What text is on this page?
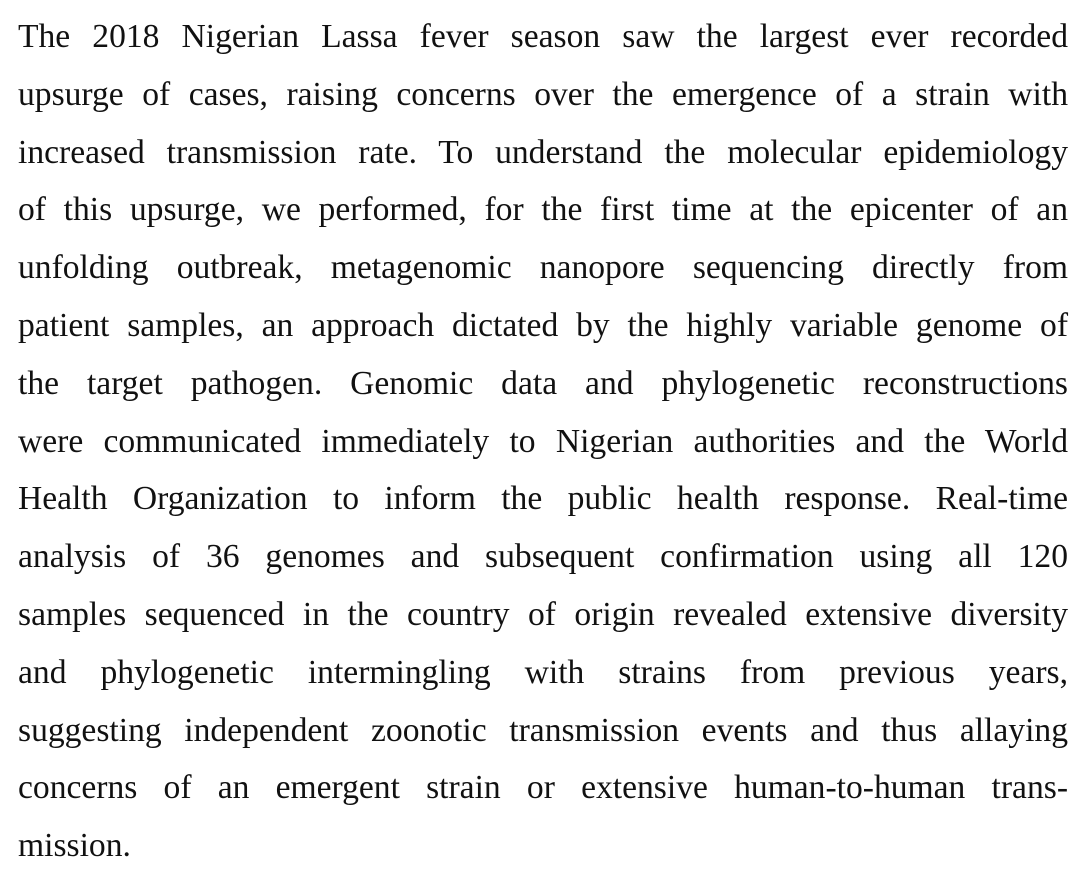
The 2018 Nigerian Lassa fever season saw the largest ever recorded
upsurge of cases, raising concerns over the emergence of a strain with
increased transmission rate. To understand the molecular epidemiology
of this upsurge, we performed, for the first time at the epicenter of an
unfolding outbreak, metagenomic nanopore sequencing directly from
patient samples, an approach dictated by the highly variable genome of
the target pathogen. Genomic data and phylogenetic reconstructions
were communicated immediately to Nigerian authorities and the World
Health Organization to inform the public health response. Real-time
analysis of 36 genomes and subsequent confirmation using all 120
samples sequenced in the country of origin revealed extensive diversity
and phylogenetic intermingling with strains from previous years,
suggesting independent zoonotic transmission events and thus allaying
concerns of an emergent strain or extensive human-to-human trans-
mission.
